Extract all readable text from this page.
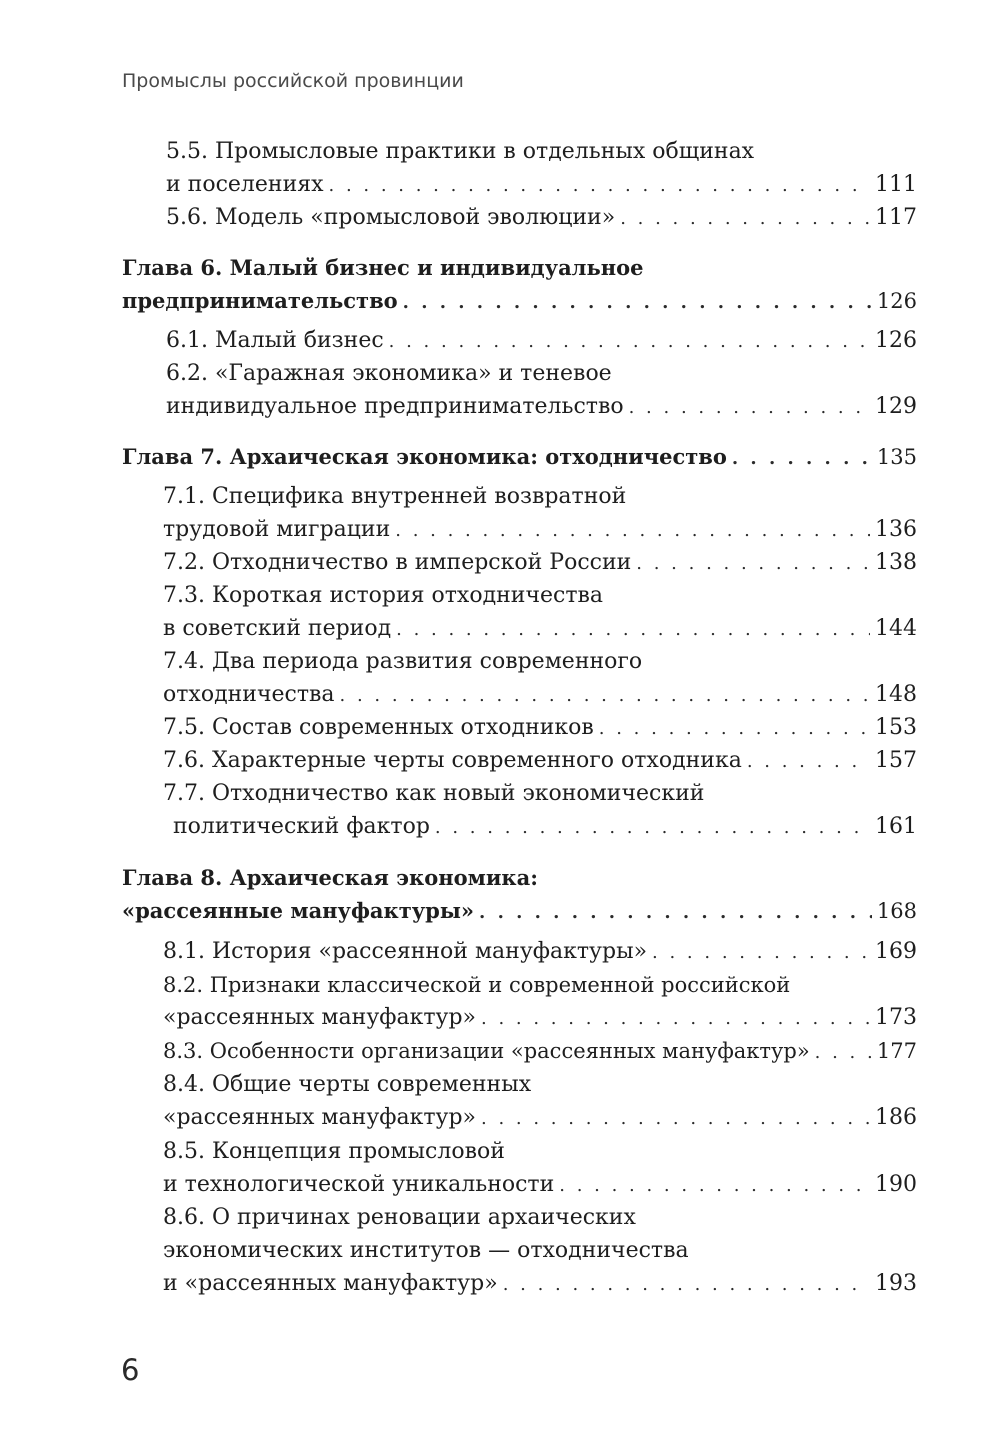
Промыслы российской провинции
5.5. Промысловые практики в отдельных общинах
и поселениях . . .	111
5.6. Модель «промысловой эволюции» . . .	117
Глава 6. Малый бизнес и индивидуальное
предпринимательство . . .	126
6.1. Малый бизнес . . .	126
6.2. «Гаражная экономика» и теневое
индивидуальное предпринимательство . . .	129
Глава 7. Архаическая экономика: отходничество . . .	135
7.1. Специфика внутренней возвратной
трудовой миграции . . .	136
7.2. Отходничество в имперской России . . .	138
7.3. Короткая история отходничества
в советский период . . .	144
7.4. Два периода развития современного
отходничества . . .	148
7.5. Состав современных отходников . . .	153
7.6. Характерные черты современного отходника . . .	157
7.7. Отходничество как новый экономический
политический фактор . . .	161
Глава 8. Архаическая экономика:
«рассеянные мануфактуры» . . .	168
8.1. История «рассеянной мануфактуры» . . .	169
8.2. Признаки классической и современной российской
«рассеянных мануфактур» . . .	173
8.3. Особенности организации «рассеянных мануфактур» . . .	177
8.4. Общие черты современных
«рассеянных мануфактур» . . .	186
8.5. Концепция промысловой
и технологической уникальности . . .	190
8.6. О причинах реновации архаических
экономических институтов — отходничества
и «рассеянных мануфактур» . . .	193
6
